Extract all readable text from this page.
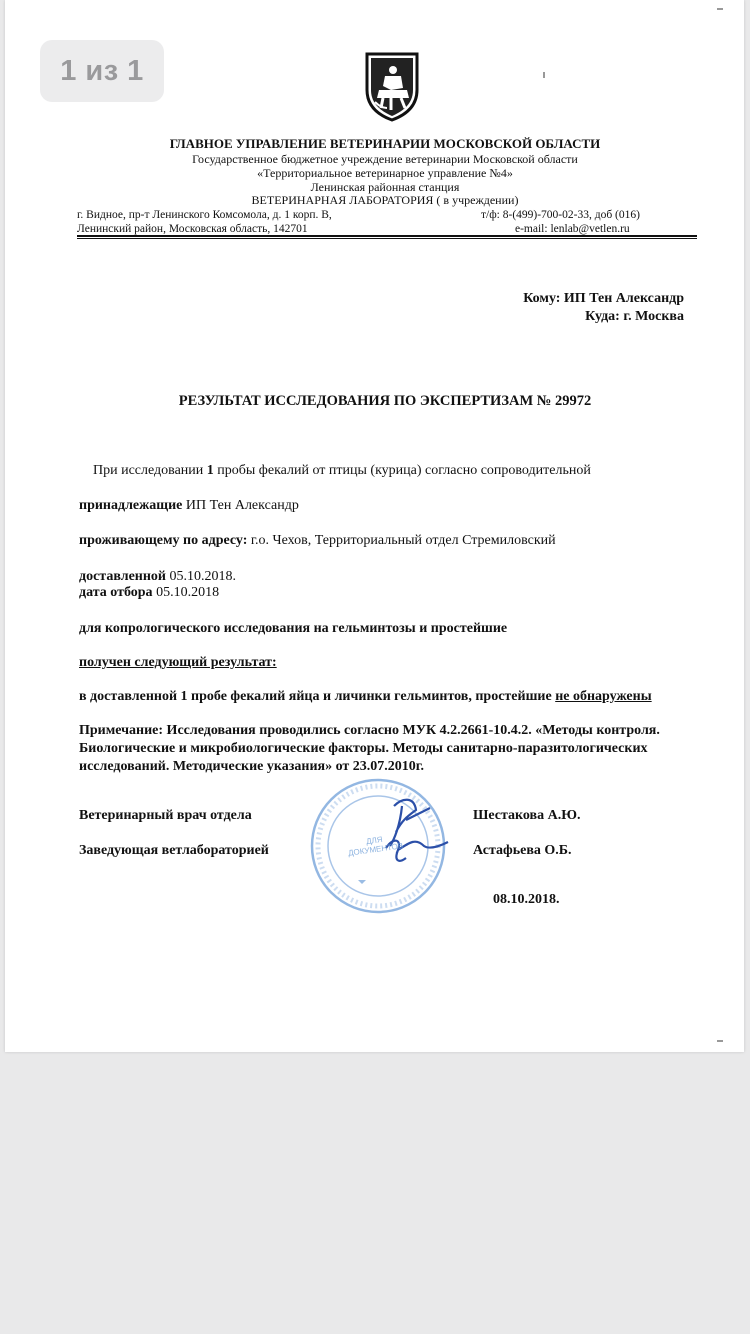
ГЛАВНОЕ УПРАВЛЕНИЕ ВЕТЕРИНАРИИ МОСКОВСКОЙ ОБЛАСТИ
Государственное бюджетное учреждение ветеринарии Московской области
«Территориальное ветеринарное управление №4»
Ленинская районная станция
ВЕТЕРИНАРНАЯ ЛАБОРАТОРИЯ ( в учреждении)
г. Видное, пр-т Ленинского Комсомола, д. 1 корп. В,
Ленинский район, Московская область, 142701
т/ф: 8-(499)-700-02-33, доб (016)
e-mail: lenlab@vetlen.ru
Кому: ИП Тен Александр
Куда: г. Москва
РЕЗУЛЬТАТ ИССЛЕДОВАНИЯ ПО ЭКСПЕРТИЗАМ № 29972
При исследовании 1 пробы фекалий от птицы (курица) согласно сопроводительной
принадлежащие ИП Тен Александр
проживающему по адресу: г.о. Чехов, Территориальный отдел Стремиловский
доставленной 05.10.2018.
дата отбора 05.10.2018
для копрологического исследования на гельминтозы и простейшие
получен следующий результат:
в доставленной 1 пробе фекалий яйца и личинки гельминтов, простейшие не обнаружены
Примечание: Исследования проводились согласно МУК 4.2.2661-10.4.2. «Методы контроля. Биологические и микробиологические факторы. Методы санитарно-паразитологических исследований. Методические указания» от 23.07.2010г.
ДЛЯ ДОКУМЕНТОВ
Ветеринарный врач отдела	Шестакова А.Ю.
Заведующая ветлабораторией	Астафьева О.Б.
08.10.2018.
1 из 1
